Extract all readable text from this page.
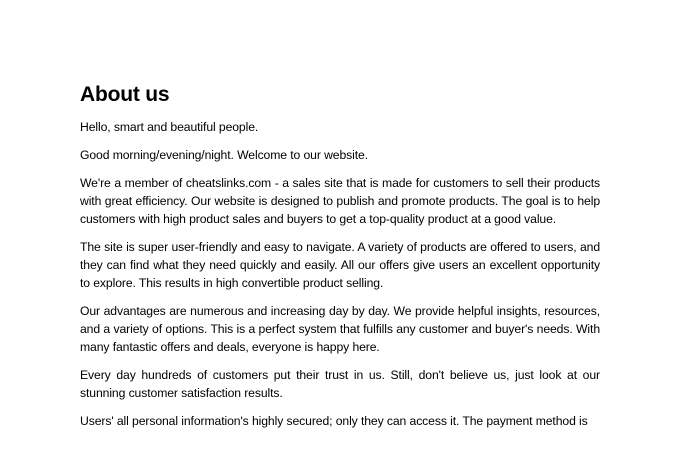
About us

Hello, smart and beautiful people.

Good morning/evening/night. Welcome to our website.

We're a member of cheatslinks.com - a sales site that is made for customers to sell their products with great efficiency. Our website is designed to publish and promote products. The goal is to help customers with high product sales and buyers to get a top-quality product at a good value.

The site is super user-friendly and easy to navigate. A variety of products are offered to users, and they can find what they need quickly and easily. All our offers give users an excellent opportunity to explore. This results in high convertible product selling.

Our advantages are numerous and increasing day by day. We provide helpful insights, resources, and a variety of options. This is a perfect system that fulfills any customer and buyer's needs. With many fantastic offers and deals, everyone is happy here.

Every day hundreds of customers put their trust in us. Still, don't believe us, just look at our stunning customer satisfaction results.

Users' all personal information's highly secured; only they can access it. The payment method is
